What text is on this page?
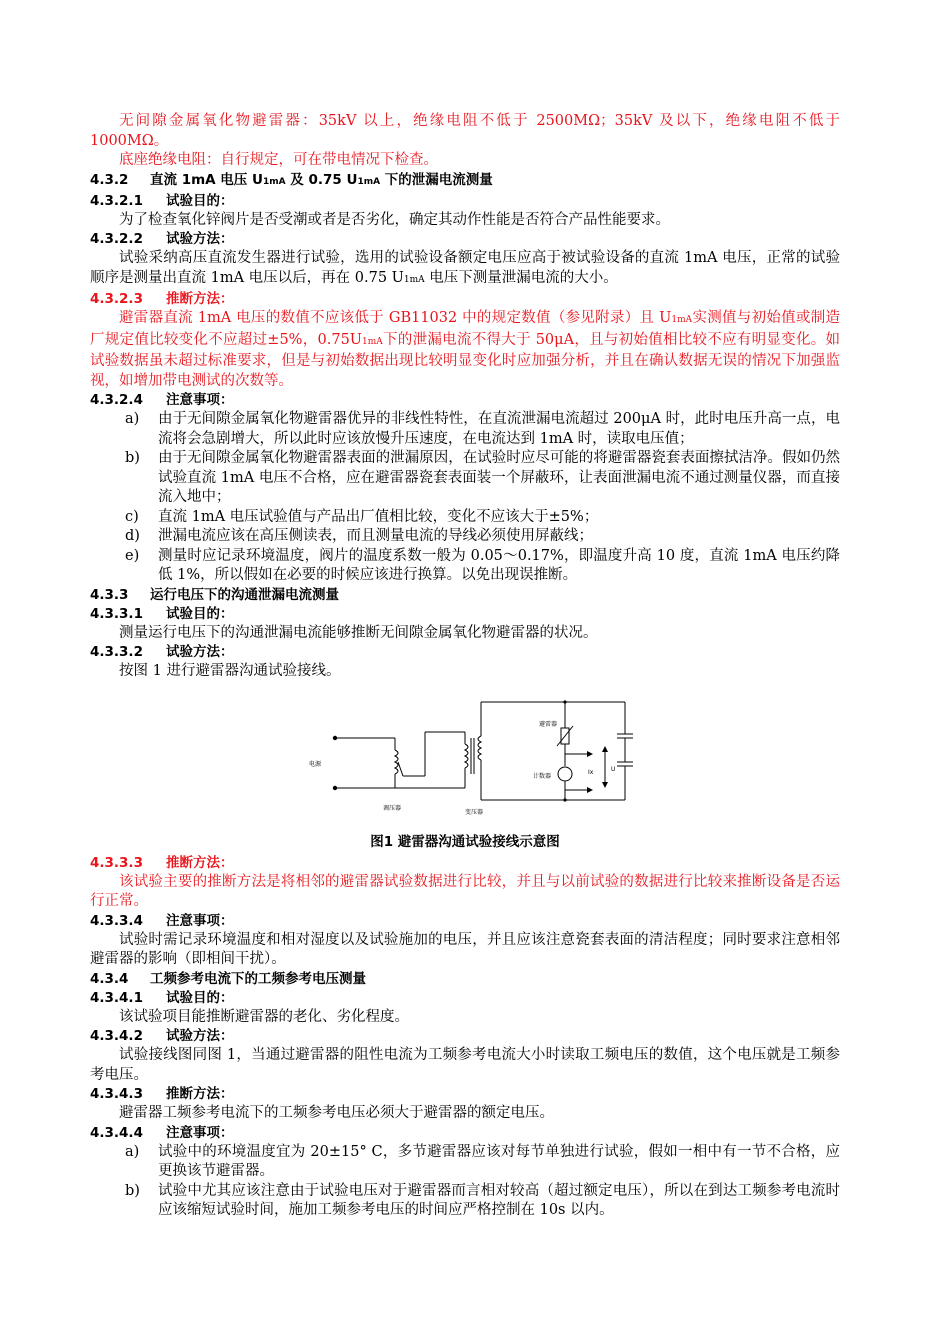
无间隙金属氧化物避雷器：35kV 以上，绝缘电阻不低于 2500MΩ；35kV 及以下，绝缘电阻不低于1000MΩ。

底座绝缘电阻：自行规定，可在带电情况下检查。

4.3.2 直流 1mA 电压 U1mA 及 0.75 U1mA 下的泄漏电流测量

4.3.2.1 试验目的：

为了检查氧化锌阀片是否受潮或者是否劣化，确定其动作性能是否符合产品性能要求。

4.3.2.2 试验方法：

试验采纳高压直流发生器进行试验，选用的试验设备额定电压应高于被试验设备的直流 1mA 电压，正常的试验顺序是测量出直流 1mA 电压以后，再在 0.75 U1mA 电压下测量泄漏电流的大小。

4.3.2.3 推断方法：

避雷器直流 1mA 电压的数值不应该低于 GB11032 中的规定数值（参见附录）且 U1mA实测值与初始值或制造厂规定值比较变化不应超过±5%，0.75U1mA下的泄漏电流不得大于 50μA，且与初始值相比较不应有明显变化。如试验数据虽未超过标准要求，但是与初始数据出现比较明显变化时应加强分析，并且在确认数据无误的情况下加强监视，如增加带电测试的次数等。

4.3.2.4 注意事项：

a) 由于无间隙金属氧化物避雷器优异的非线性特性，在直流泄漏电流超过 200μA 时，此时电压升高一点，电流将会急剧增大，所以此时应该放慢升压速度，在电流达到 1mA 时，读取电压值；
b) 由于无间隙金属氧化物避雷器表面的泄漏原因，在试验时应尽可能的将避雷器瓷套表面擦拭洁净。假如仍然试验直流 1mA 电压不合格，应在避雷器瓷套表面装一个屏蔽环，让表面泄漏电流不通过测量仪器，而直接流入地中；
c) 直流 1mA 电压试验值与产品出厂值相比较，变化不应该大于±5%；
d) 泄漏电流应该在高压侧读表，而且测量电流的导线必须使用屏蔽线；
e) 测量时应记录环境温度，阀片的温度系数一般为 0.05～0.17%，即温度升高 10 度，直流 1mA 电压约降低 1%，所以假如在必要的时候应该进行换算。以免出现误推断。

4.3.3 运行电压下的沟通泄漏电流测量

4.3.3.1 试验目的：

测量运行电压下的沟通泄漏电流能够推断无间隙金属氧化物避雷器的状况。

4.3.3.2 试验方法：

按图 1 进行避雷器沟通试验接线。

电源
调压器
变压器
避雷器
计数器
Ix	U

图1 避雷器沟通试验接线示意图

4.3.3.3 推断方法：

该试验主要的推断方法是将相邻的避雷器试验数据进行比较，并且与以前试验的数据进行比较来推断设备是否运行正常。

4.3.3.4 注意事项：

试验时需记录环境温度和相对湿度以及试验施加的电压，并且应该注意瓷套表面的清洁程度；同时要求注意相邻避雷器的影响（即相间干扰）。

4.3.4 工频参考电流下的工频参考电压测量

4.3.4.1 试验目的：

该试验项目能推断避雷器的老化、劣化程度。

4.3.4.2 试验方法：

试验接线图同图 1，当通过避雷器的阻性电流为工频参考电流大小时读取工频电压的数值，这个电压就是工频参考电压。

4.3.4.3 推断方法：

避雷器工频参考电流下的工频参考电压必须大于避雷器的额定电压。

4.3.4.4 注意事项：

a) 试验中的环境温度宜为 20±15° C，多节避雷器应该对每节单独进行试验，假如一相中有一节不合格，应更换该节避雷器。
b) 试验中尤其应该注意由于试验电压对于避雷器而言相对较高（超过额定电压），所以在到达工频参考电流时应该缩短试验时间，施加工频参考电压的时间应严格控制在 10s 以内。
